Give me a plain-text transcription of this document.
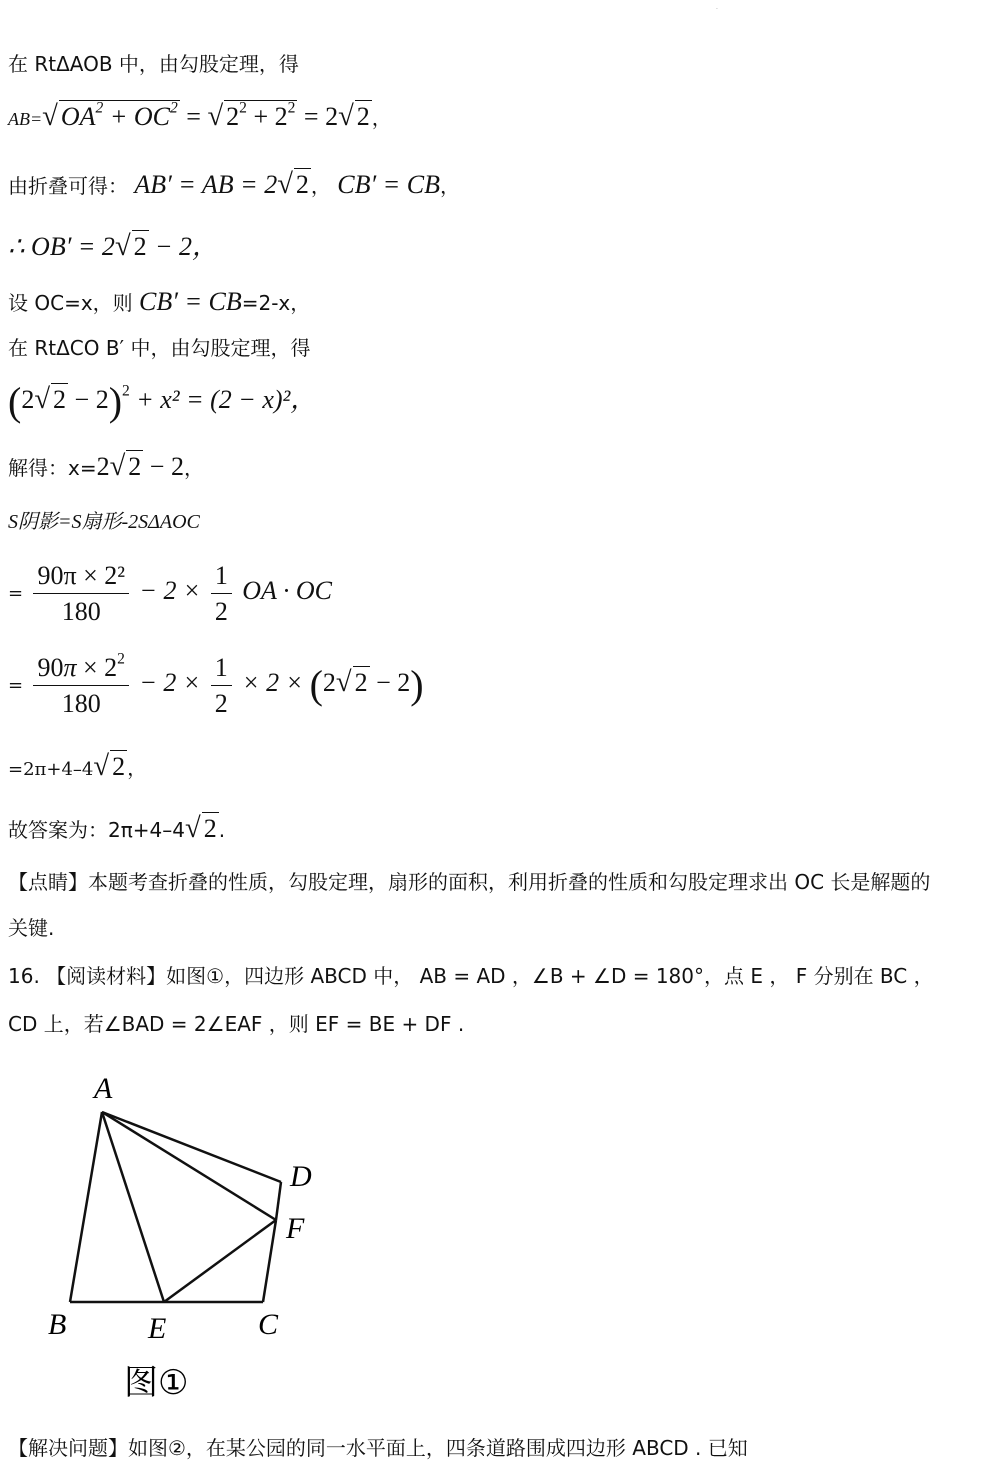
.
在 RtΔAOB 中，由勾股定理，得
AB=√ $OA^2 + OC^2$ = √ $2^2 + 2^2 = 2√$ 2 ，
由折叠可得： AB′ = AB = 2√ 2 ， CB′ = CB，
∴ OB′ = 2√ 2 − 2，
设 OC=x，则 CB′ = CB=2-x，
在 RtΔCO B′ 中，由勾股定理，得
(2√ 2 − 2)$^2$ + x² = (2 − x)²，
解得：x=2√ 2 − 2，
S阴影=S扇形-2SΔAOC
= $\frac{\text{90π × 2²}}{180} - 2 \times \frac{1}{2}$ OA · OC
= $\frac{90\pi \times 2^2}{180} - 2 \times \frac{1}{2} \times 2 \times (2√$ 2 − 2)
=2π+4–4√ 2 ，
故答案为：2π+4–4√ 2 .
【点睛】本题考查折叠的性质，勾股定理，扇形的面积，利用折叠的性质和勾股定理求出 OC 长是解题的
关键.
16. 【阅读材料】如图①，四边形 ABCD 中， AB = AD ，∠B + ∠D = 180°，点 E ， F 分别在 BC ，
CD 上，若∠BAD = 2∠EAF ，则 EF = BE + DF .
A
B	C
D
E
F
图①
【解决问题】如图②，在某公园的同一水平面上，四条道路围成四边形 ABCD . 已知
